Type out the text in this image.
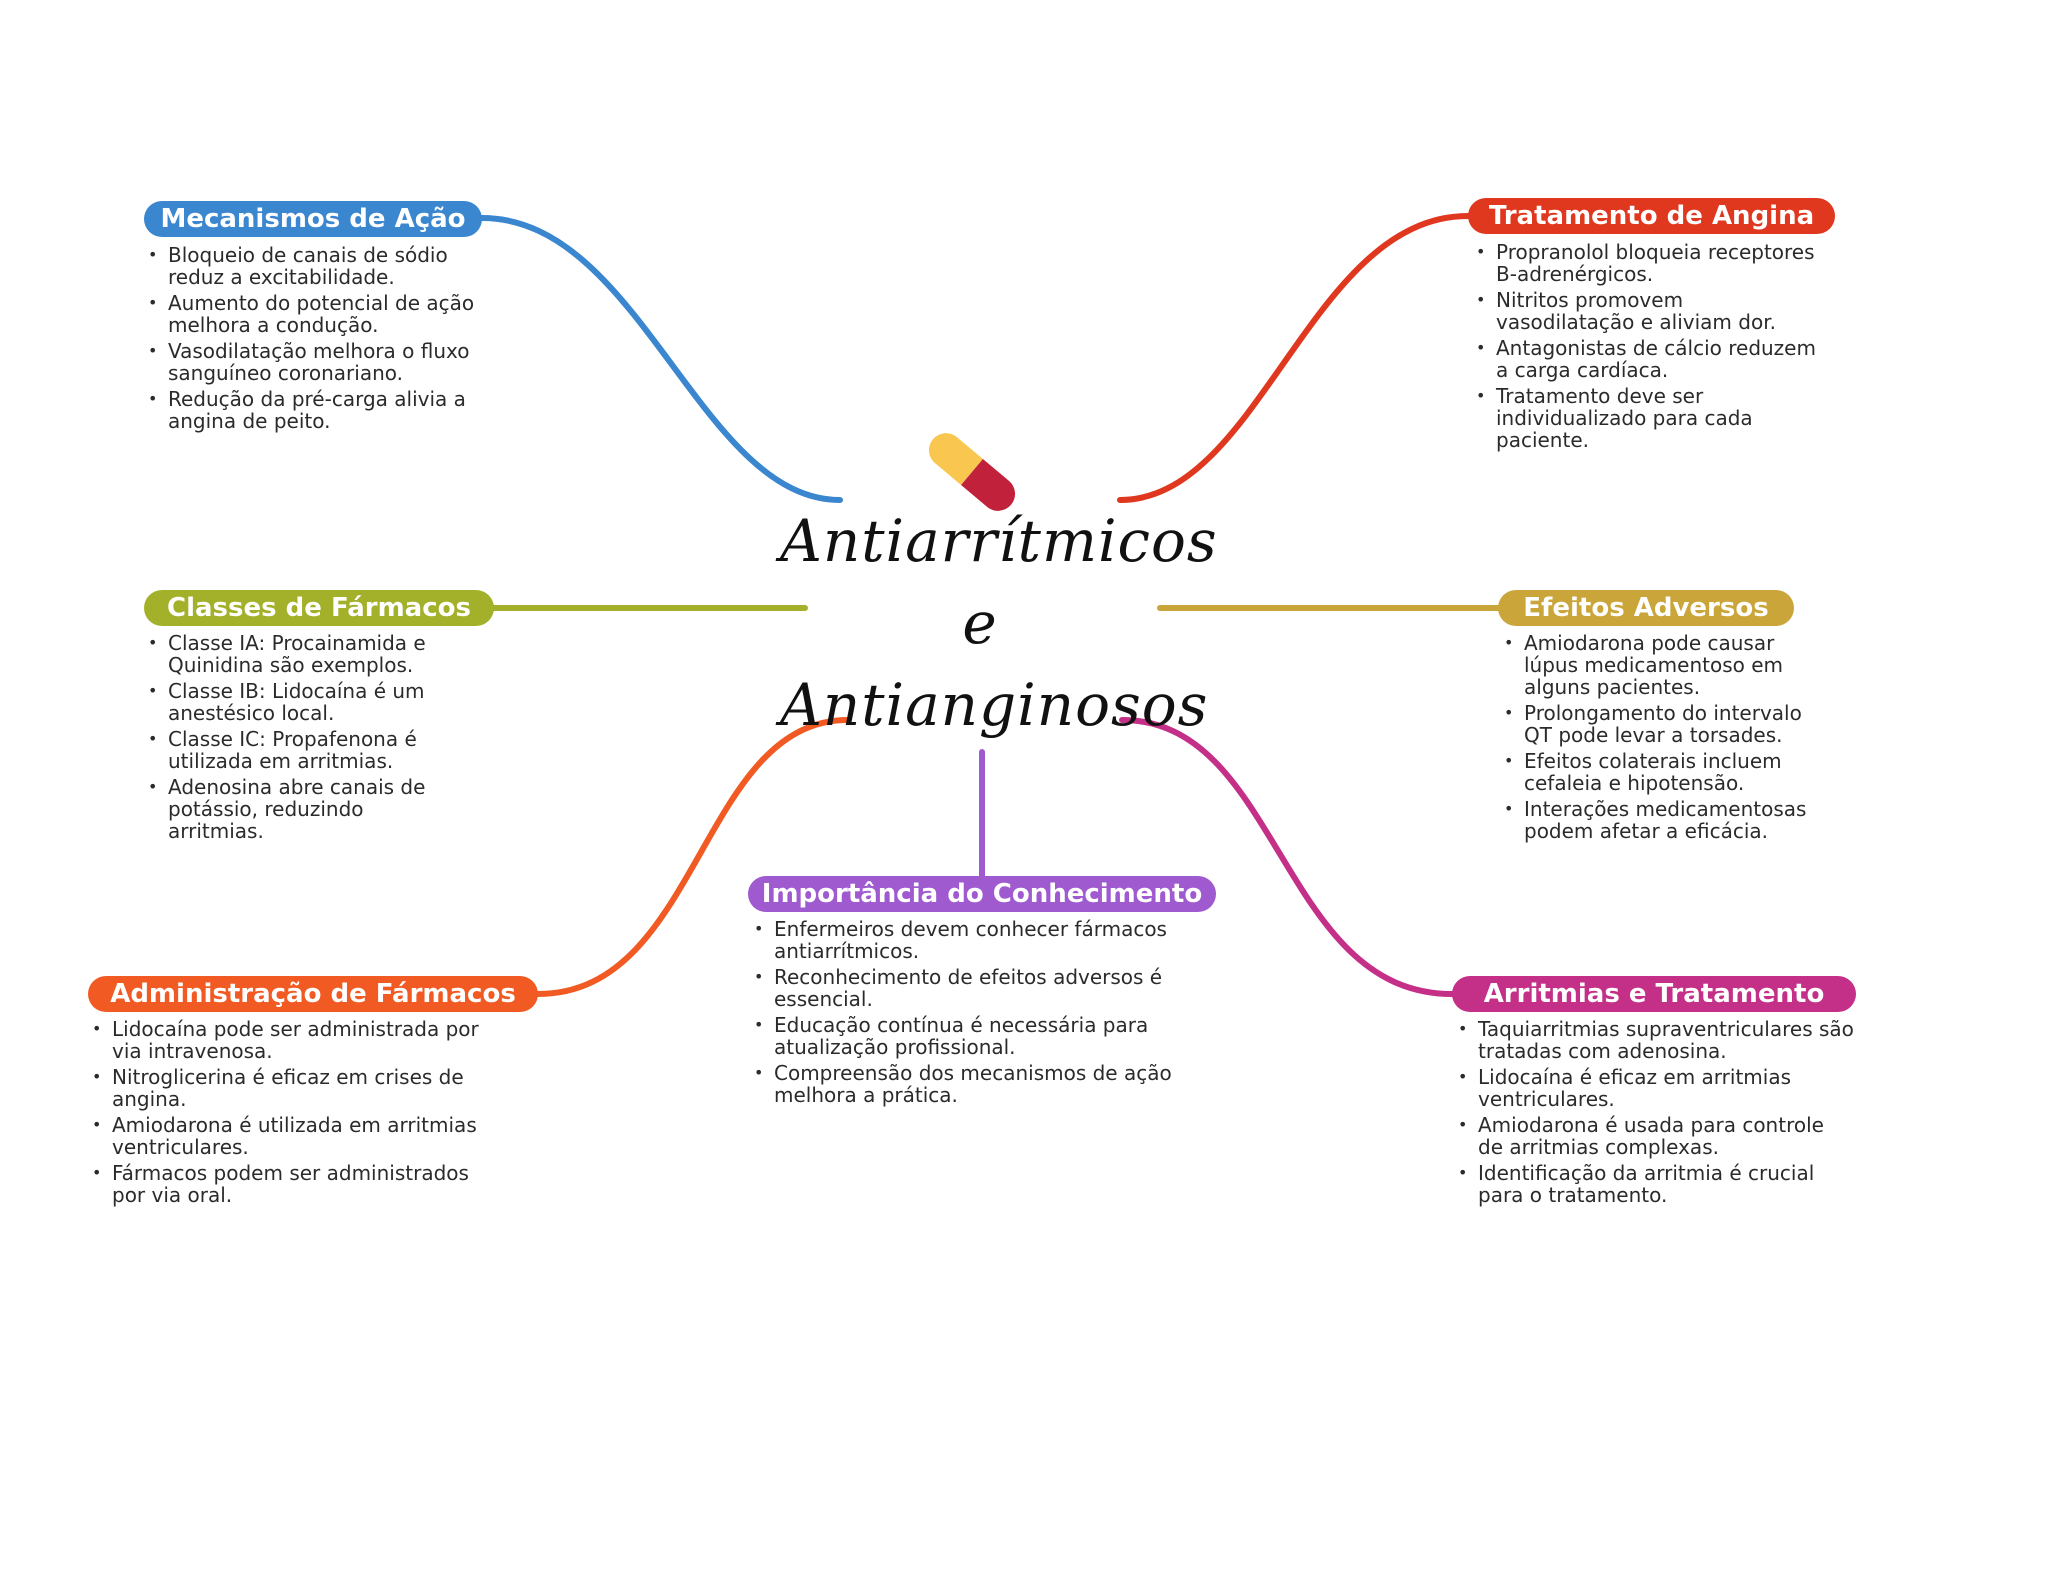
Antiarrítmicos
e
Antianginosos
Mecanismos de Ação
• Bloqueio de canais de sódio reduz a excitabilidade.
• Aumento do potencial de ação melhora a condução.
• Vasodilatação melhora o fluxo sanguíneo coronariano.
• Redução da pré-carga alivia a angina de peito.
Tratamento de Angina
• Propranolol bloqueia receptores B-adrenérgicos.
• Nitritos promovem vasodilatação e aliviam dor.
• Antagonistas de cálcio reduzem a carga cardíaca.
• Tratamento deve ser individualizado para cada paciente.
Classes de Fármacos
• Classe IA: Procainamida e Quinidina são exemplos.
• Classe IB: Lidocaína é um anestésico local.
• Classe IC: Propafenona é utilizada em arritmias.
• Adenosina abre canais de potássio, reduzindo arritmias.
Efeitos Adversos
• Amiodarona pode causar lúpus medicamentoso em alguns pacientes.
• Prolongamento do intervalo QT pode levar a torsades.
• Efeitos colaterais incluem cefaleia e hipotensão.
• Interações medicamentosas podem afetar a eficácia.
Importância do Conhecimento
• Enfermeiros devem conhecer fármacos antiarrítmicos.
• Reconhecimento de efeitos adversos é essencial.
• Educação contínua é necessária para atualização profissional.
• Compreensão dos mecanismos de ação melhora a prática.
Administração de Fármacos
• Lidocaína pode ser administrada por via intravenosa.
• Nitroglicerina é eficaz em crises de angina.
• Amiodarona é utilizada em arritmias ventriculares.
• Fármacos podem ser administrados por via oral.
Arritmias e Tratamento
• Taquiarritmias supraventriculares são tratadas com adenosina.
• Lidocaína é eficaz em arritmias ventriculares.
• Amiodarona é usada para controle de arritmias complexas.
• Identificação da arritmia é crucial para o tratamento.
